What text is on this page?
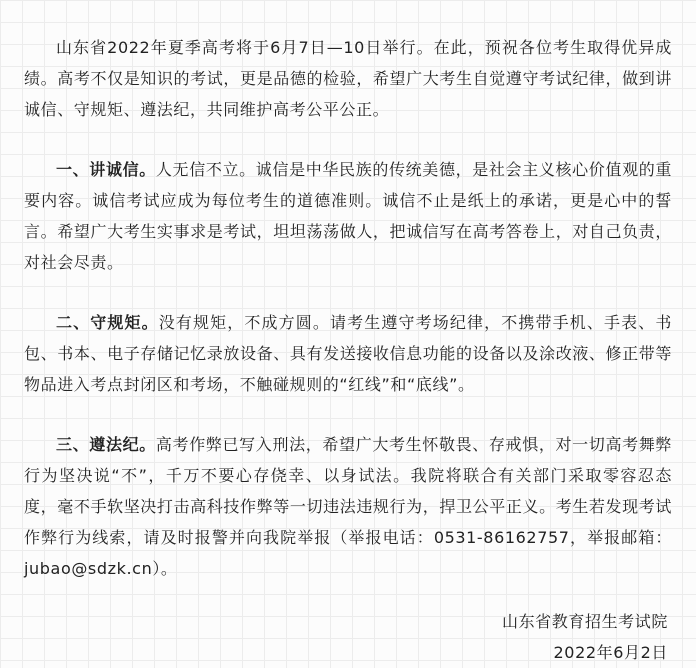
山东省2022年夏季高考将于6月7日—10日举行。在此，预祝各位考生取得优异成绩。高考不仅是知识的考试，更是品德的检验，希望广大考生自觉遵守考试纪律，做到讲诚信、守规矩、遵法纪，共同维护高考公平公正。

一、讲诚信。人无信不立。诚信是中华民族的传统美德，是社会主义核心价值观的重要内容。诚信考试应成为每位考生的道德准则。诚信不止是纸上的承诺，更是心中的誓言。希望广大考生实事求是考试，坦坦荡荡做人，把诚信写在高考答卷上，对自己负责，对社会尽责。

二、守规矩。没有规矩，不成方圆。请考生遵守考场纪律，不携带手机、手表、书包、书本、电子存储记忆录放设备、具有发送接收信息功能的设备以及涂改液、修正带等物品进入考点封闭区和考场，不触碰规则的“红线”和“底线”。

三、遵法纪。高考作弊已写入刑法，希望广大考生怀敬畏、存戒惧，对一切高考舞弊行为坚决说“不”，千万不要心存侥幸、以身试法。我院将联合有关部门采取零容忍态度，毫不手软坚决打击高科技作弊等一切违法违规行为，捍卫公平正义。考生若发现考试作弊行为线索，请及时报警并向我院举报（举报电话：0531-86162757，举报邮箱：jubao@sdzk.cn）。

山东省教育招生考试院
2022年6月2日
